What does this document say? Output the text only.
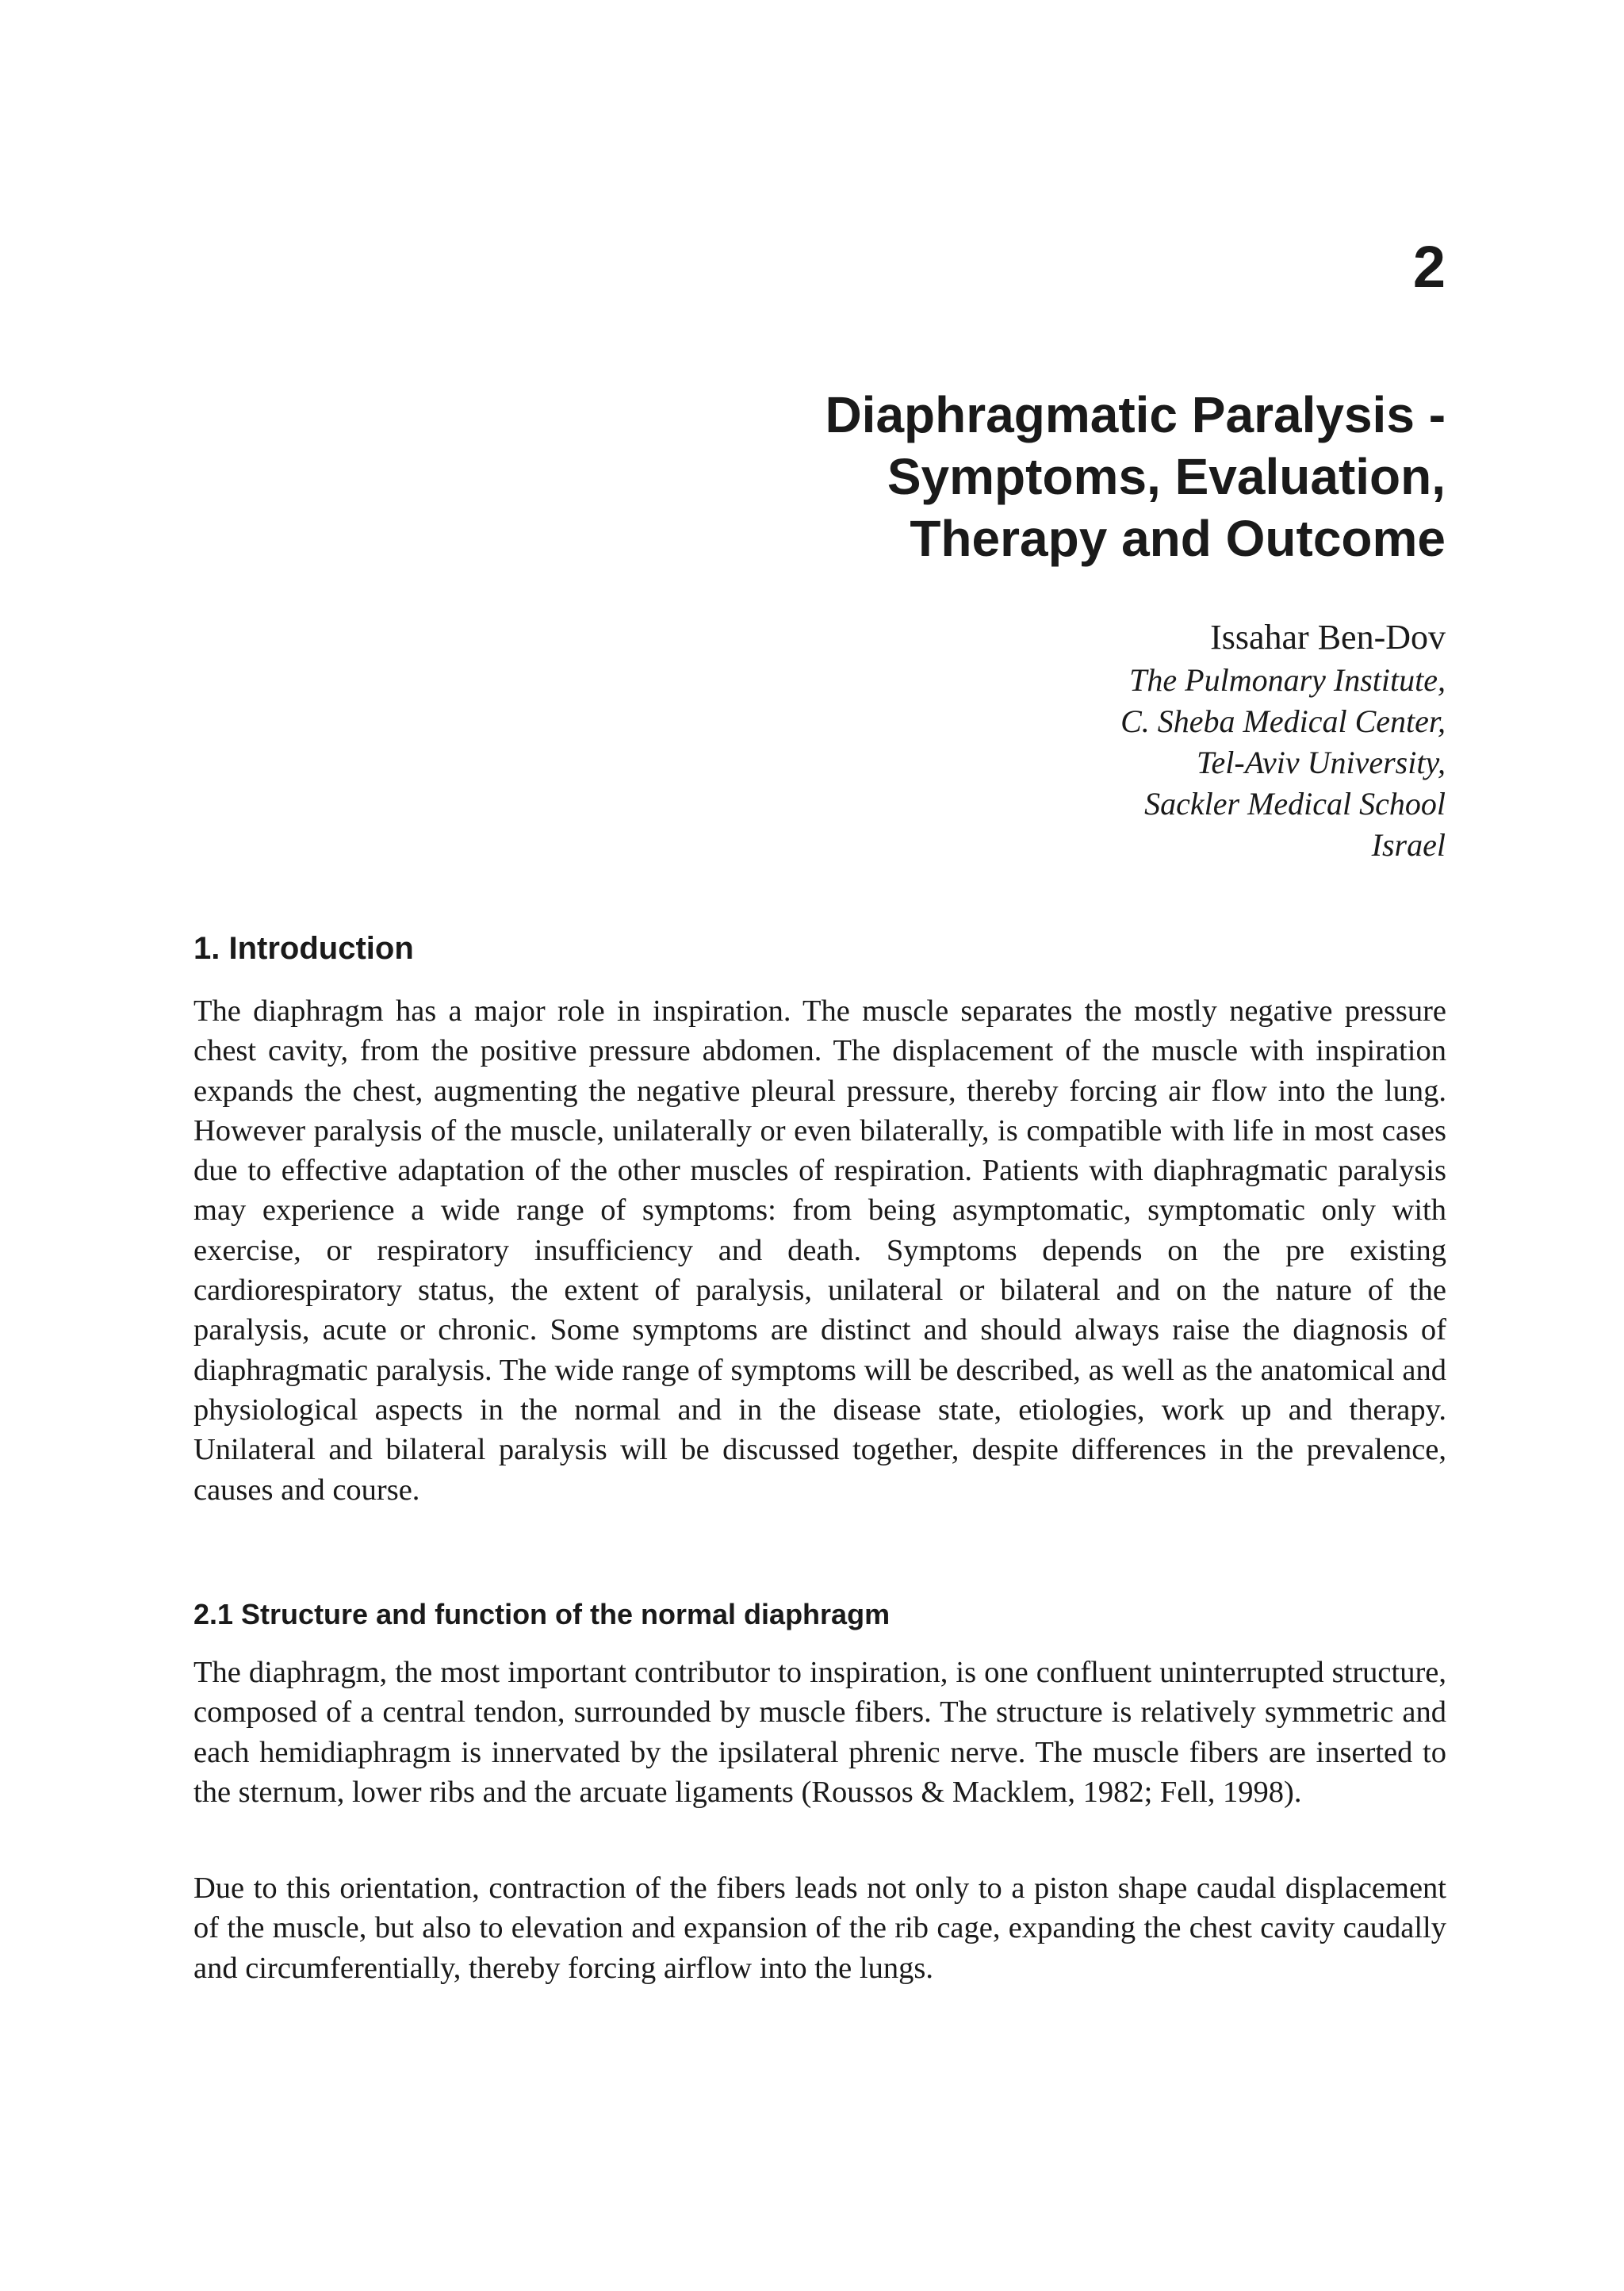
2
Diaphragmatic Paralysis -
Symptoms, Evaluation,
Therapy and Outcome
Issahar Ben-Dov
The Pulmonary Institute,
C. Sheba Medical Center,
Tel-Aviv University,
Sackler Medical School
Israel
1. Introduction

The diaphragm has a major role in inspiration. The muscle separates the mostly negative pressure chest cavity, from the positive pressure abdomen. The displacement of the muscle with inspiration expands the chest, augmenting the negative pleural pressure, thereby forcing air flow into the lung. However paralysis of the muscle, unilaterally or even bilaterally, is compatible with life in most cases due to effective adaptation of the other muscles of respiration. Patients with diaphragmatic paralysis may experience a wide range of symptoms: from being asymptomatic, symptomatic only with exercise, or respiratory insufficiency and death. Symptoms depends on the pre existing cardiorespiratory status, the extent of paralysis, unilateral or bilateral and on the nature of the paralysis, acute or chronic. Some symptoms are distinct and should always raise the diagnosis of diaphragmatic paralysis. The wide range of symptoms will be described, as well as the anatomical and physiological aspects in the normal and in the disease state, etiologies, work up and therapy. Unilateral and bilateral paralysis will be discussed together, despite differences in the prevalence, causes and course.

2.1 Structure and function of the normal diaphragm

The diaphragm, the most important contributor to inspiration, is one confluent uninterrupted structure, composed of a central tendon, surrounded by muscle fibers. The structure is relatively symmetric and each hemidiaphragm is innervated by the ipsilateral phrenic nerve. The muscle fibers are inserted to the sternum, lower ribs and the arcuate ligaments (Roussos & Macklem, 1982; Fell, 1998).

Due to this orientation, contraction of the fibers leads not only to a piston shape caudal displacement of the muscle, but also to elevation and expansion of the rib cage, expanding the chest cavity caudally and circumferentially, thereby forcing airflow into the lungs.
